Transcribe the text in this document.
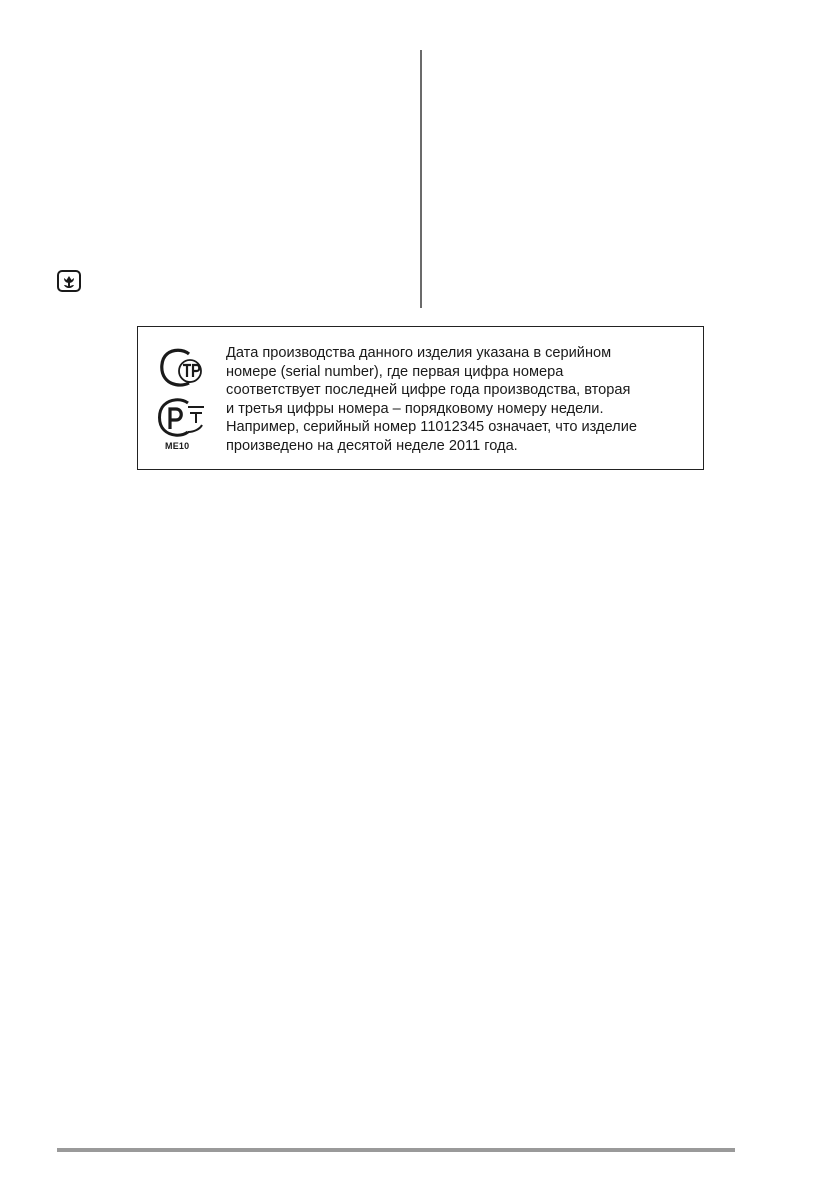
ME10

Дата производства данного изделия указана в серийном
номере (serial number), где первая цифра номера
соответствует последней цифре года производства, вторая
и третья цифры номера – порядковому номеру недели.
Например, серийный номер 11012345 означает, что изделие
произведено на десятой неделе 2011 года.
